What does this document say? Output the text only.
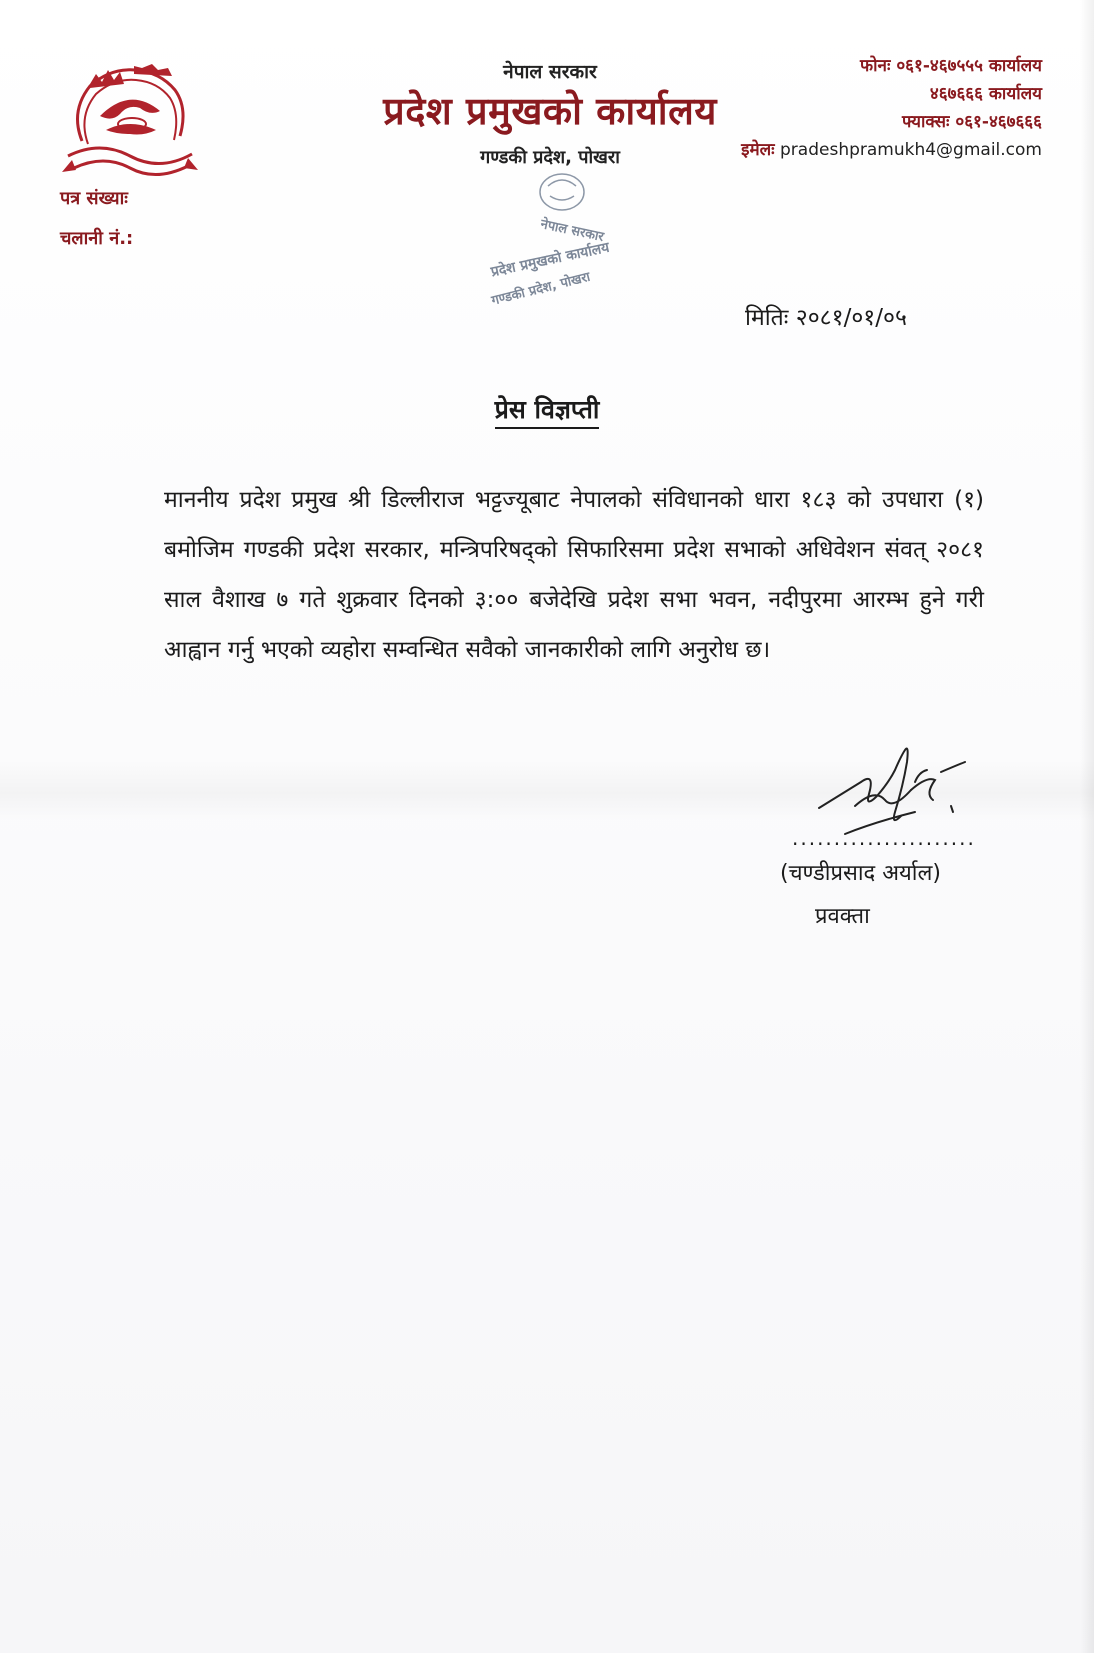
नेपाल सरकार
प्रदेश प्रमुखको कार्यालय
गण्डकी प्रदेश, पोखरा
फोनः ०६१-४६७५५५ कार्यालय
४६७६६६ कार्यालय
फ्याक्सः ०६१-४६७६६६
इमेलः pradeshpramukh4@gmail.com
पत्र संख्याः
चलानी नं.:	नेपाल सरकार
प्रदेश प्रमुखको कार्यालय
गण्डकी प्रदेश, पोखरा
मितिः २०८१/०१/०५
प्रेस विज्ञप्ती
माननीय प्रदेश प्रमुख श्री डिल्लीराज भट्टज्यूबाट नेपालको संविधानको धारा १८३ को उपधारा (१) बमोजिम गण्डकी प्रदेश सरकार, मन्त्रिपरिषद्को सिफारिसमा प्रदेश सभाको अधिवेशन संवत् २०८१ साल वैशाख ७ गते शुक्रवार दिनको ३:०० बजेदेखि प्रदेश सभा भवन, नदीपुरमा आरम्भ हुने गरी आह्वान गर्नु भएको व्यहोरा सम्वन्धित सवैको जानकारीको लागि अनुरोध छ।
......................
(चण्डीप्रसाद अर्याल)
प्रवक्ता
